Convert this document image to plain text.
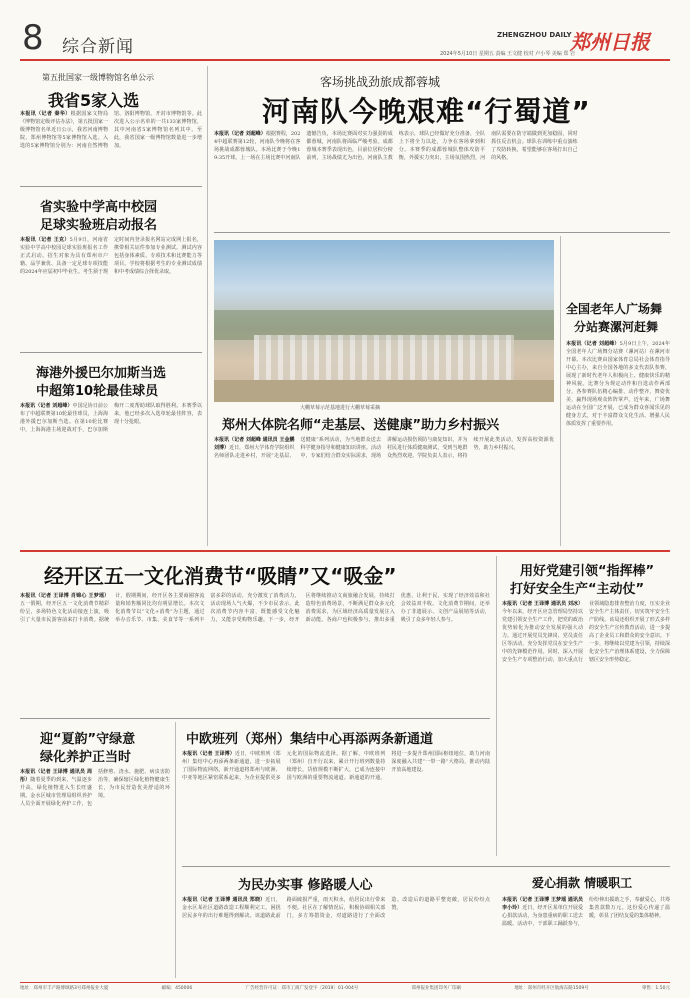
8 综合新闻
ZHENGZHOU DAILY
郑州日报
2024年5月10日 星期五 责编 王文健 校对 卢小琴 美编 郑 岩
第五批国家一级博物馆名单公示
我省5家入选
本报讯（记者 秦华）根据国家文物局《博物馆定级评估办法》，第五批国家一级博物馆名单近日公示，我省河南博物院、郑州博物馆等5家博物馆入选。入选的5家博物馆分别为：河南自然博物馆、洛阳博物馆、开封市博物馆等。此次进入公示名单的一共133家博物馆，其中河南省5家博物馆名列其中。至此，我省国家一级博物馆数量进一步增加。
省实验中学高中校园
足球实验班启动报名
本报讯（记者 王克）5月9日，河南省实验中学高中校园足球实验班报名工作正式启动。招生对象为具有郑州市户籍、品学兼优、具备一定足球专项技能的2024年应届初中毕业生。考生须于规定时间内登录报名网站完成网上报名，携带相关证件参加专业测试。测试内容包括身体素质、专项技术和比赛能力等项目。学校将根据考生的专业测试成绩和中考成绩综合择优录取。
海港外援巴尔加斯当选
中超第10轮最佳球员
本报讯（记者 刘超峰）中国足协日前公布了中超联赛第10轮最佳球员，上海海港外援巴尔加斯当选。在第10轮比赛中，上海海港主场迎战对手，巴尔加斯梅开二度帮助球队取得胜利。本赛季以来，他已经多次入选单轮最佳阵容，表现十分抢眼。
客场挑战劲旅成都蓉城
河南队今晚艰难“行蜀道”
本报讯（记者 刘超峰）根据赛程，2024中超联赛第12轮，河南队今晚将在客场挑战成都蓉城队。本场比赛于今晚19:35开球。上一场在主场比赛中河南队遗憾告负，本场比赛面对实力强劲的成都蓉城，河南队将面临严峻考验。成都蓉城本赛季表现出色，目前位居积分榜前列，主场战绩尤为出色。河南队主教练表示，球队已经做好充分准备，全队上下将全力以赴，力争在客场拿到积分。本赛季的成都蓉城队整体攻防平衡，外援实力突出，主场氛围热烈，河南队需要在防守端做到更加稳固，同时抓住反击机会。球队在训练中重点演练了攻防转换，希望能够在客场打出自己的风格。
大棚草莓示范基地进行大棚草莓采摘
郑州大体院名师“走基层、送健康”助力乡村振兴
本报讯（记者 刘超峰 通讯员 王金鹏 刘博）近日，郑州大学体育学院组织名师团队走进乡村，开展“走基层、送健康”系列活动，为当地群众送去科学健身指导和健康知识讲座。活动中，专家们结合群众实际需求，现场讲解运动损伤预防与康复知识，并为村民进行体质健康测试，受到当地群众热烈欢迎。学院负责人表示，将持续开展此类活动，发挥高校资源优势，助力乡村振兴。
全国老年人广场舞
分站赛漯河赶舞
本报讯（记者 刘超峰）5月9日上午，2024年全国老年人广场舞分站赛（漯河站）在漯河市开幕。本次比赛由国家体育总局社会体育指导中心主办，来自全国各地的多支代表队参赛，展现了新时代老年人积极向上、健康快乐的精神风貌。比赛分为规定动作和自选动作两部分，各参赛队伍精心编排，动作整齐，舞姿优美，赢得现场观众阵阵掌声。近年来，广场舞运动在全国广泛开展，已成为群众喜闻乐见的健身方式，对于丰富群众文化生活、增强人民体质发挥了重要作用。
经开区五一文化消费节“吸睛”又“吸金”
本报讯（记者 王译博 肖锦心 王梦瑶）五一假期，经开区五一文化消费节精彩纷呈，多场特色文化活动接连上演，吸引了大量市民游客前来打卡消费。据统计，假期期间，经开区各主要商圈客流量和销售额同比均有明显增长。本次文化消费节以“文化+消费”为主题，通过举办音乐节、市集、美食节等一系列丰富多彩的活动，充分激发了消费活力。活动现场人气火爆，不少市民表示，此次消费节内容丰富，既能感受文化魅力，又能享受购物乐趣。下一步，经开区将继续推动文商旅融合发展，持续打造特色消费场景，不断满足群众多元化消费需求，为区域经济高质量发展注入新动能。各商户也积极参与，推出多重优惠，让利于民，实现了经济效益和社会效益双丰收。文化消费节期间，还举办了非遗展示、文创产品展销等活动，吸引了众多年轻人参与。
用好党建引领“指挥棒”
打好安全生产“主动仗”
本报讯（记者 王译博 通讯员 刘冰）今年以来，经开区应急管理局坚持以党建引领安全生产工作，把党的政治优势转化为推动安全发展的强大动力。通过开展党员先锋岗、党员责任区等活动，充分发挥党员在安全生产中的先锋模范作用。同时，深入开展安全生产专项整治行动，加大重点行业领域隐患排查整治力度，压实企业安全生产主体责任，切实筑牢安全生产防线。该局还组织开展了形式多样的安全生产宣传教育活动，进一步提高了企业员工和群众的安全意识。下一步，将继续以党建为引领，持续深化安全生产治理体系建设，全力保障辖区安全形势稳定。
迎“夏韵”守绿意
绿化养护正当时
本报讯（记者 王译博 通讯员 周彤）随着夏季的到来，气温逐步升高，绿化植物进入生长旺盛期。金水区城市管理局组织养护人员全面开展绿化养护工作，包括修剪、浇水、施肥、病虫害防治等，确保辖区绿化植物健康生长，为市民营造优美舒适的环境。
中欧班列（郑州）集结中心再添两条新通道
本报讯（记者 王译博）近日，中欧班列（郑州）集结中心再添两条新通道，进一步拓展了国际物流网络。新开通道将郑州与欧洲、中亚等地区紧密联系起来，为企业提供更多元化的国际物流选择。据了解，中欧班列（郑州）自开行以来，累计开行班列数量持续增长，货值规模不断扩大，已成为连接中国与欧洲的重要物流通道。新通道的开通，将进一步提升郑州国际枢纽地位，助力河南深度融入共建“一带一路”大格局，推动内陆开放高地建设。
为民办实事 修路暖人心
本报讯（记者 王译博 通讯员 郑晓）近日，金水区某社区道路改造工程顺利完工，困扰居民多年的出行难题得到解决。该道路此前路面破损严重，雨天积水，给居民出行带来不便。社区在了解情况后，积极协调相关部门，多方筹措资金，对道路进行了全面改造。改造后的道路平整宽敞，居民纷纷点赞。
爱心捐款 情暖职工
本报讯（记者 王译博 王梦瑶 通讯员 李小玲）近日，经开区某单位开展爱心捐款活动，为身患重病的职工送去温暖。活动中，干部职工踊跃参与，纷纷伸出援助之手，奉献爱心，共筹集善款数万元。这份爱心传递了温暖，彰显了团结友爱的集体精神。
地址：郑州市丰产路博颂路3号郑州报业大厦	邮编：450006	广告经营许可证：郑市工商广发登字〔2019〕01-004号	郑州报业集团印务厂印刷	地址：郑州市经开区航海东路1509号	零售：1.50元
